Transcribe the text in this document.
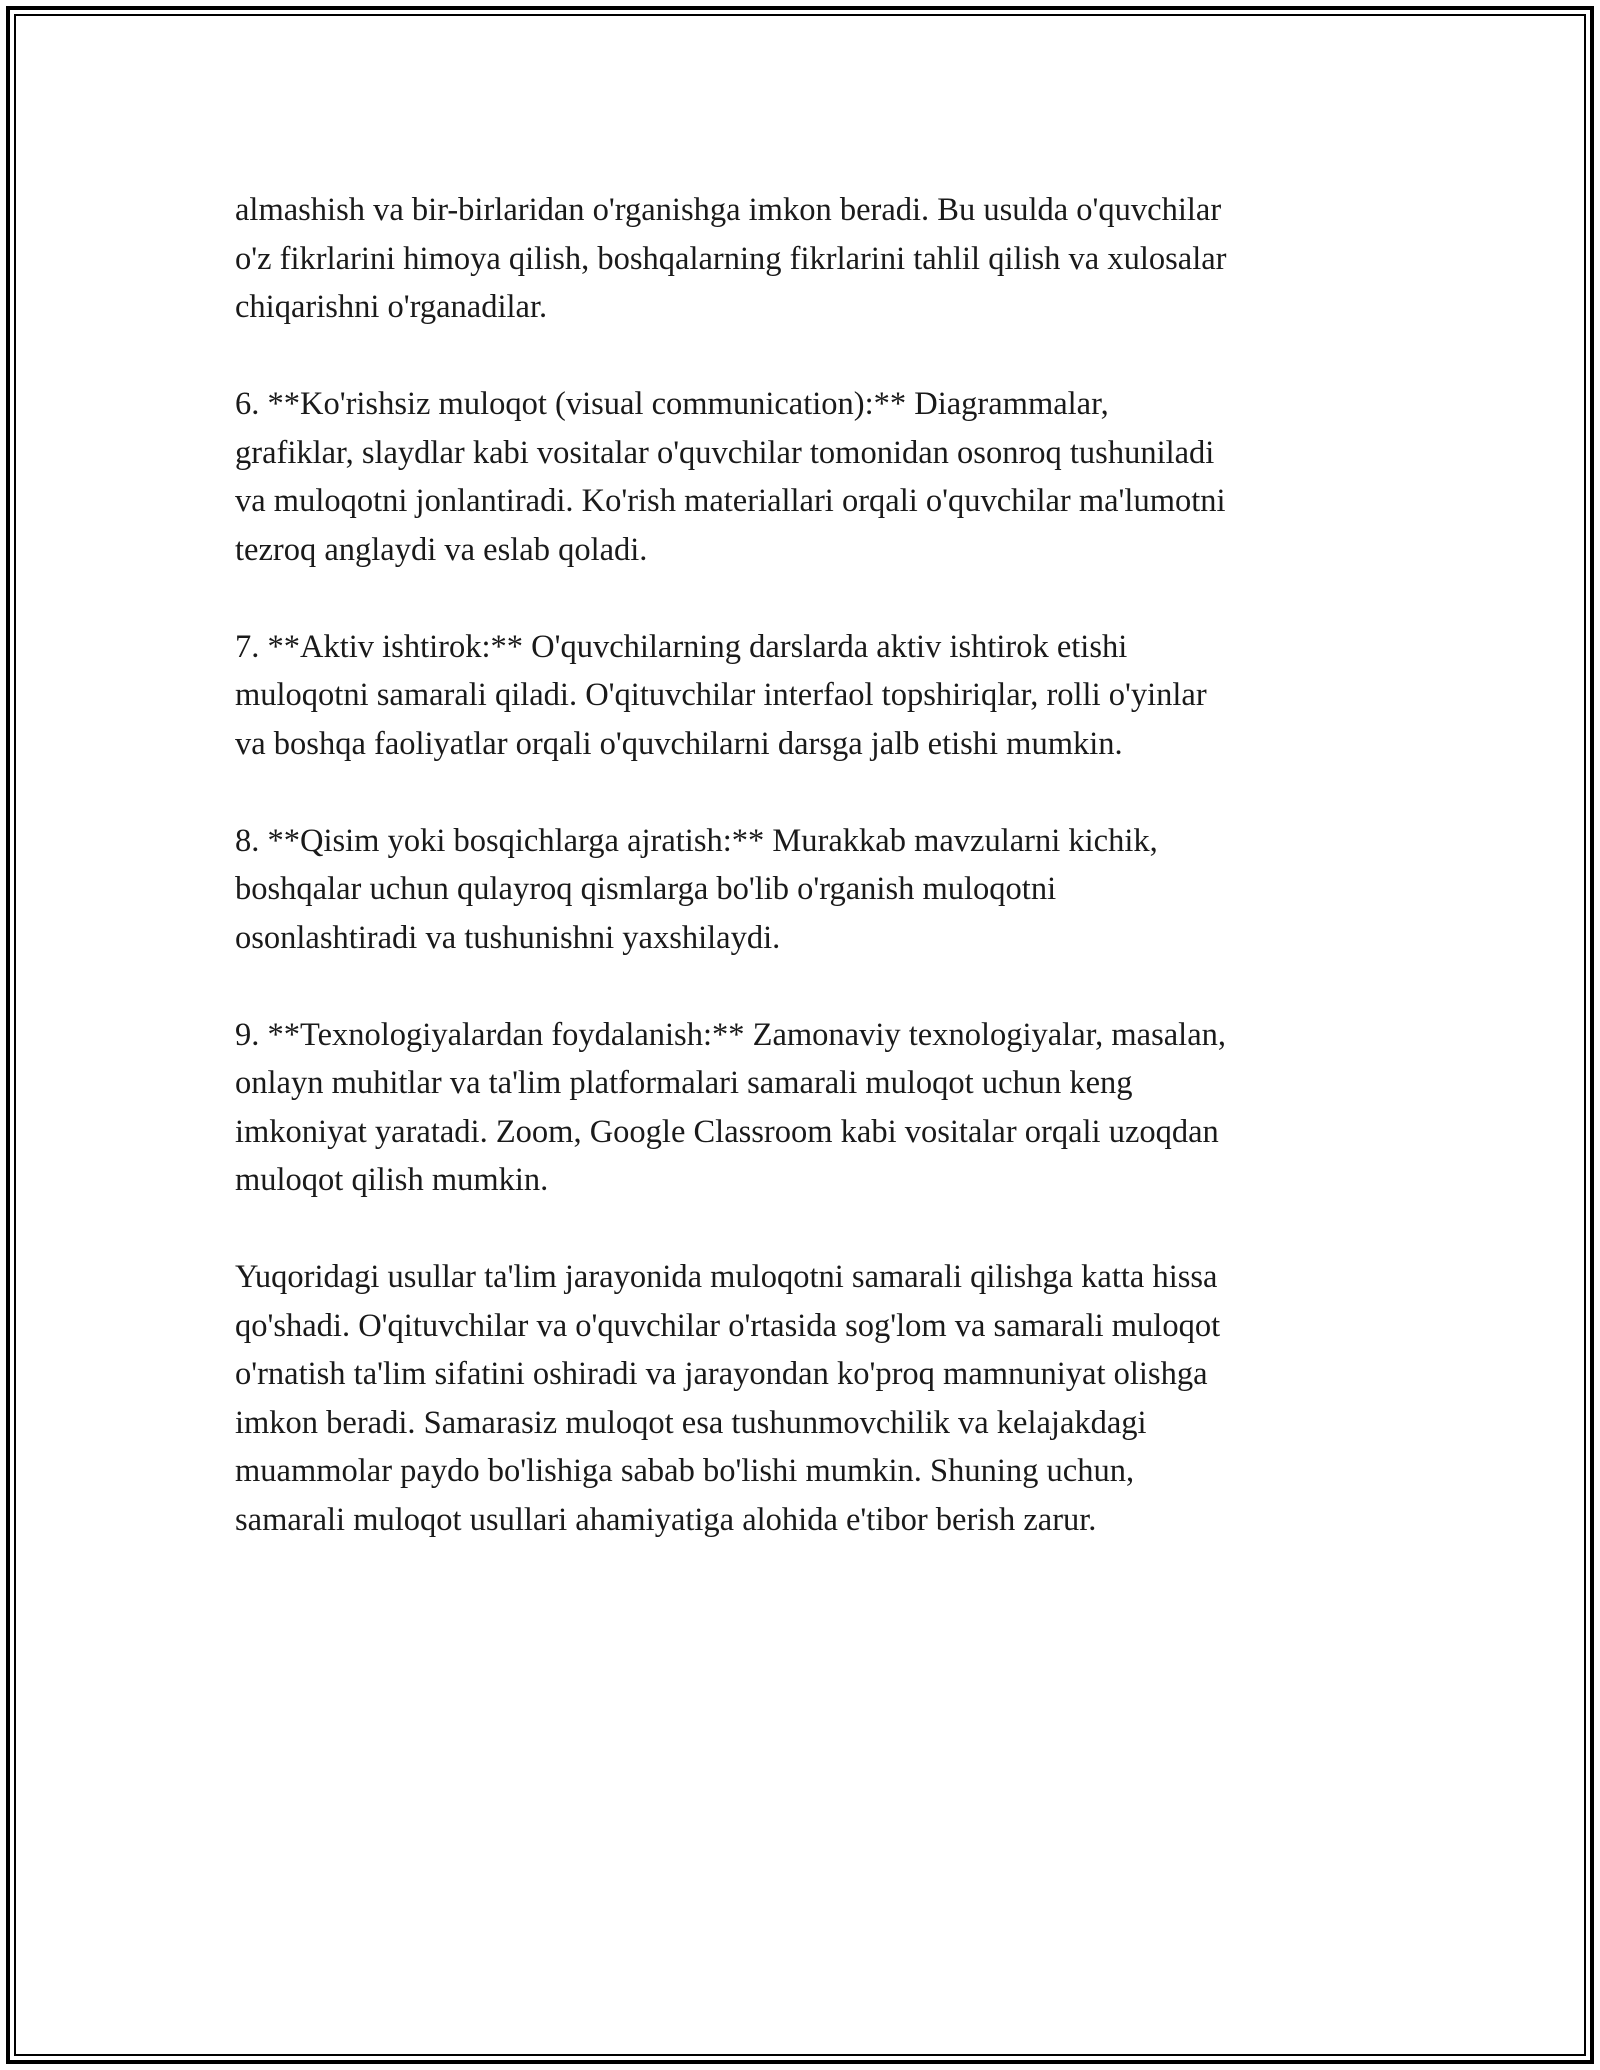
almashish va bir-birlaridan o'rganishga imkon beradi. Bu usulda o'quvchilar
o'z fikrlarini himoya qilish, boshqalarning fikrlarini tahlil qilish va xulosalar
chiqarishni o'rganadilar.

6. **Ko'rishsiz muloqot (visual communication):** Diagrammalar,
grafiklar, slaydlar kabi vositalar o'quvchilar tomonidan osonroq tushuniladi
va muloqotni jonlantiradi. Ko'rish materiallari orqali o'quvchilar ma'lumotni
tezroq anglaydi va eslab qoladi.

7. **Aktiv ishtirok:** O'quvchilarning darslarda aktiv ishtirok etishi
muloqotni samarali qiladi. O'qituvchilar interfaol topshiriqlar, rolli o'yinlar
va boshqa faoliyatlar orqali o'quvchilarni darsga jalb etishi mumkin.

8. **Qisim yoki bosqichlarga ajratish:** Murakkab mavzularni kichik,
boshqalar uchun qulayroq qismlarga bo'lib o'rganish muloqotni
osonlashtiradi va tushunishni yaxshilaydi.

9. **Texnologiyalardan foydalanish:** Zamonaviy texnologiyalar, masalan,
onlayn muhitlar va ta'lim platformalari samarali muloqot uchun keng
imkoniyat yaratadi. Zoom, Google Classroom kabi vositalar orqali uzoqdan
muloqot qilish mumkin.

Yuqoridagi usullar ta'lim jarayonida muloqotni samarali qilishga katta hissa
qo'shadi. O'qituvchilar va o'quvchilar o'rtasida sog'lom va samarali muloqot
o'rnatish ta'lim sifatini oshiradi va jarayondan ko'proq mamnuniyat olishga
imkon beradi. Samarasiz muloqot esa tushunmovchilik va kelajakdagi
muammolar paydo bo'lishiga sabab bo'lishi mumkin. Shuning uchun,
samarali muloqot usullari ahamiyatiga alohida e'tibor berish zarur.
